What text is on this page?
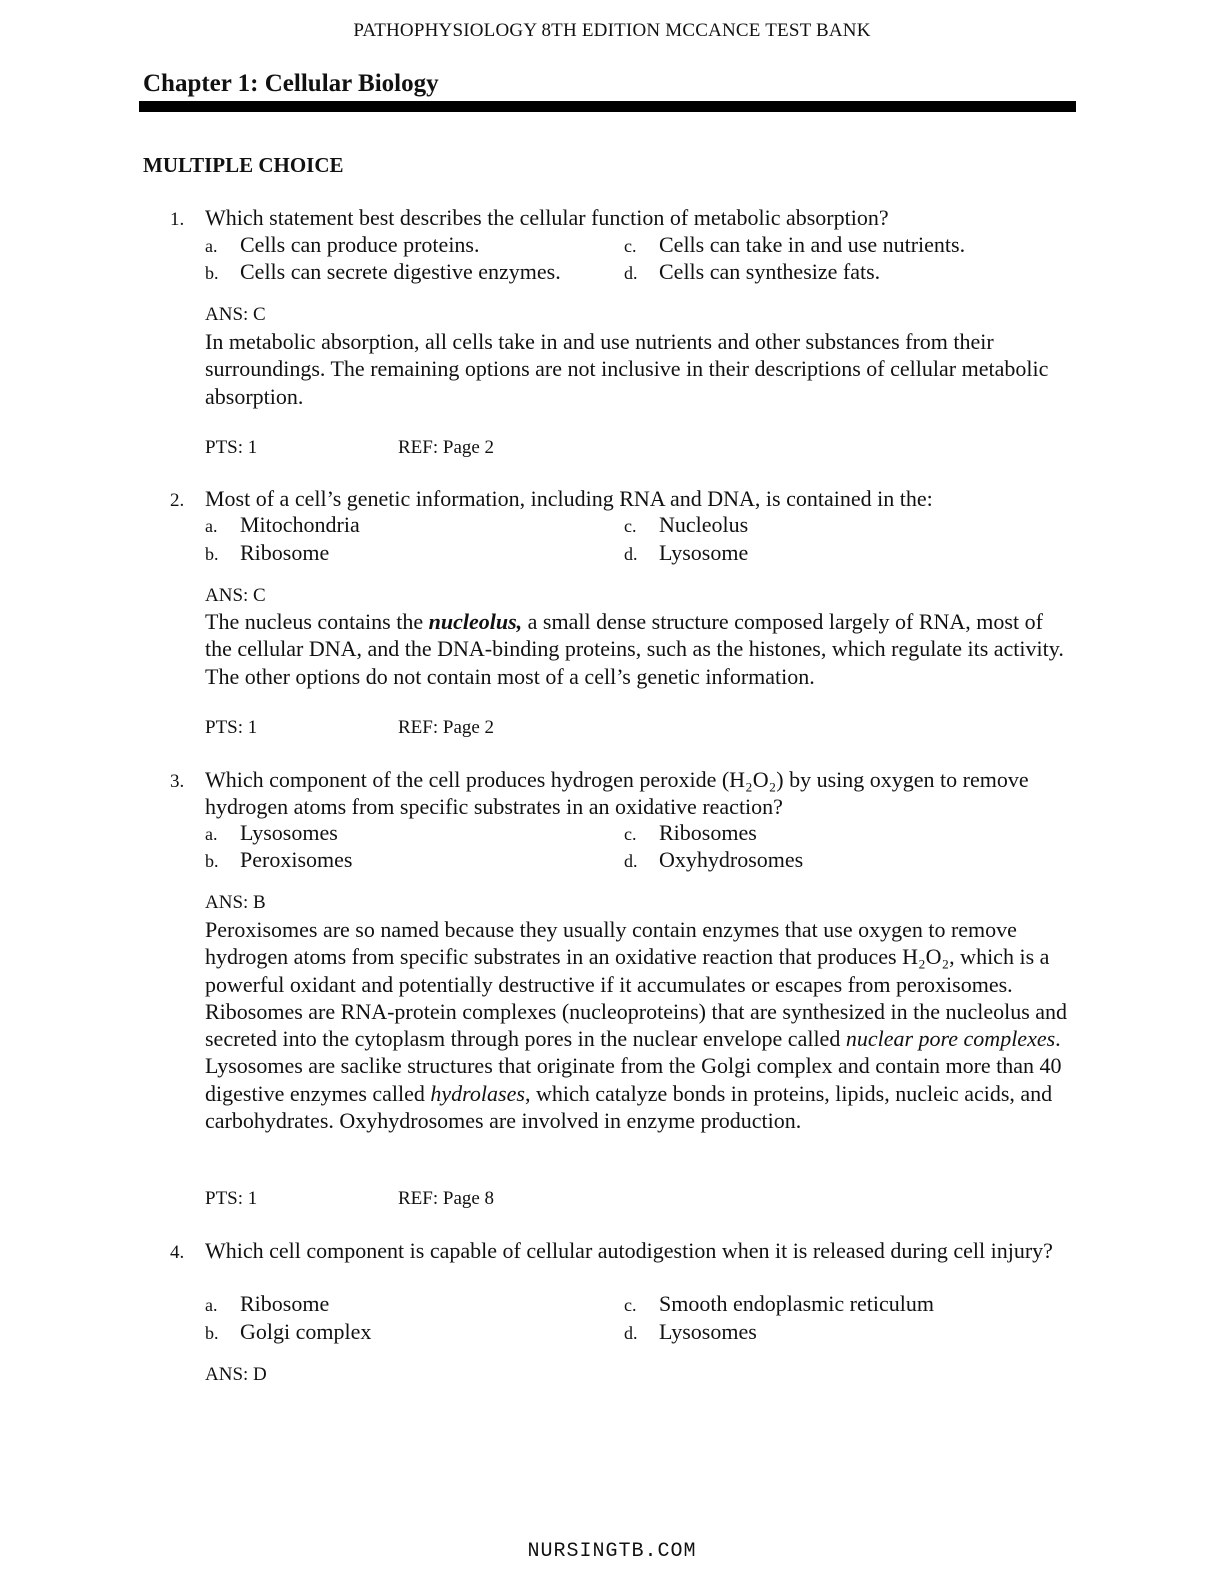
PATHOPHYSIOLOGY 8TH EDITION MCCANCE TEST BANK
Chapter 1: Cellular Biology
MULTIPLE CHOICE
1. Which statement best describes the cellular function of metabolic absorption?
a. Cells can produce proteins.
b. Cells can secrete digestive enzymes.
c. Cells can take in and use nutrients.
d. Cells can synthesize fats.
ANS: C
In metabolic absorption, all cells take in and use nutrients and other substances from their surroundings. The remaining options are not inclusive in their descriptions of cellular metabolic absorption.
PTS: 1	REF: Page 2
2. Most of a cell’s genetic information, including RNA and DNA, is contained in the:
a. Mitochondria
b. Ribosome
c. Nucleolus
d. Lysosome
ANS: C
The nucleus contains the nucleolus, a small dense structure composed largely of RNA, most of the cellular DNA, and the DNA-binding proteins, such as the histones, which regulate its activity. The other options do not contain most of a cell’s genetic information.
PTS: 1	REF: Page 2
3. Which component of the cell produces hydrogen peroxide (H₂O₂) by using oxygen to remove hydrogen atoms from specific substrates in an oxidative reaction?
a. Lysosomes
b. Peroxisomes
c. Ribosomes
d. Oxyhydrosomes
ANS: B
Peroxisomes are so named because they usually contain enzymes that use oxygen to remove hydrogen atoms from specific substrates in an oxidative reaction that produces H₂O₂, which is a powerful oxidant and potentially destructive if it accumulates or escapes from peroxisomes. Ribosomes are RNA-protein complexes (nucleoproteins) that are synthesized in the nucleolus and secreted into the cytoplasm through pores in the nuclear envelope called nuclear pore complexes. Lysosomes are saclike structures that originate from the Golgi complex and contain more than 40 digestive enzymes called hydrolases, which catalyze bonds in proteins, lipids, nucleic acids, and carbohydrates. Oxyhydrosomes are involved in enzyme production.
PTS: 1	REF: Page 8
4. Which cell component is capable of cellular autodigestion when it is released during cell injury?
a. Ribosome
b. Golgi complex
c. Smooth endoplasmic reticulum
d. Lysosomes
ANS: D
NURSINGTB.COM
